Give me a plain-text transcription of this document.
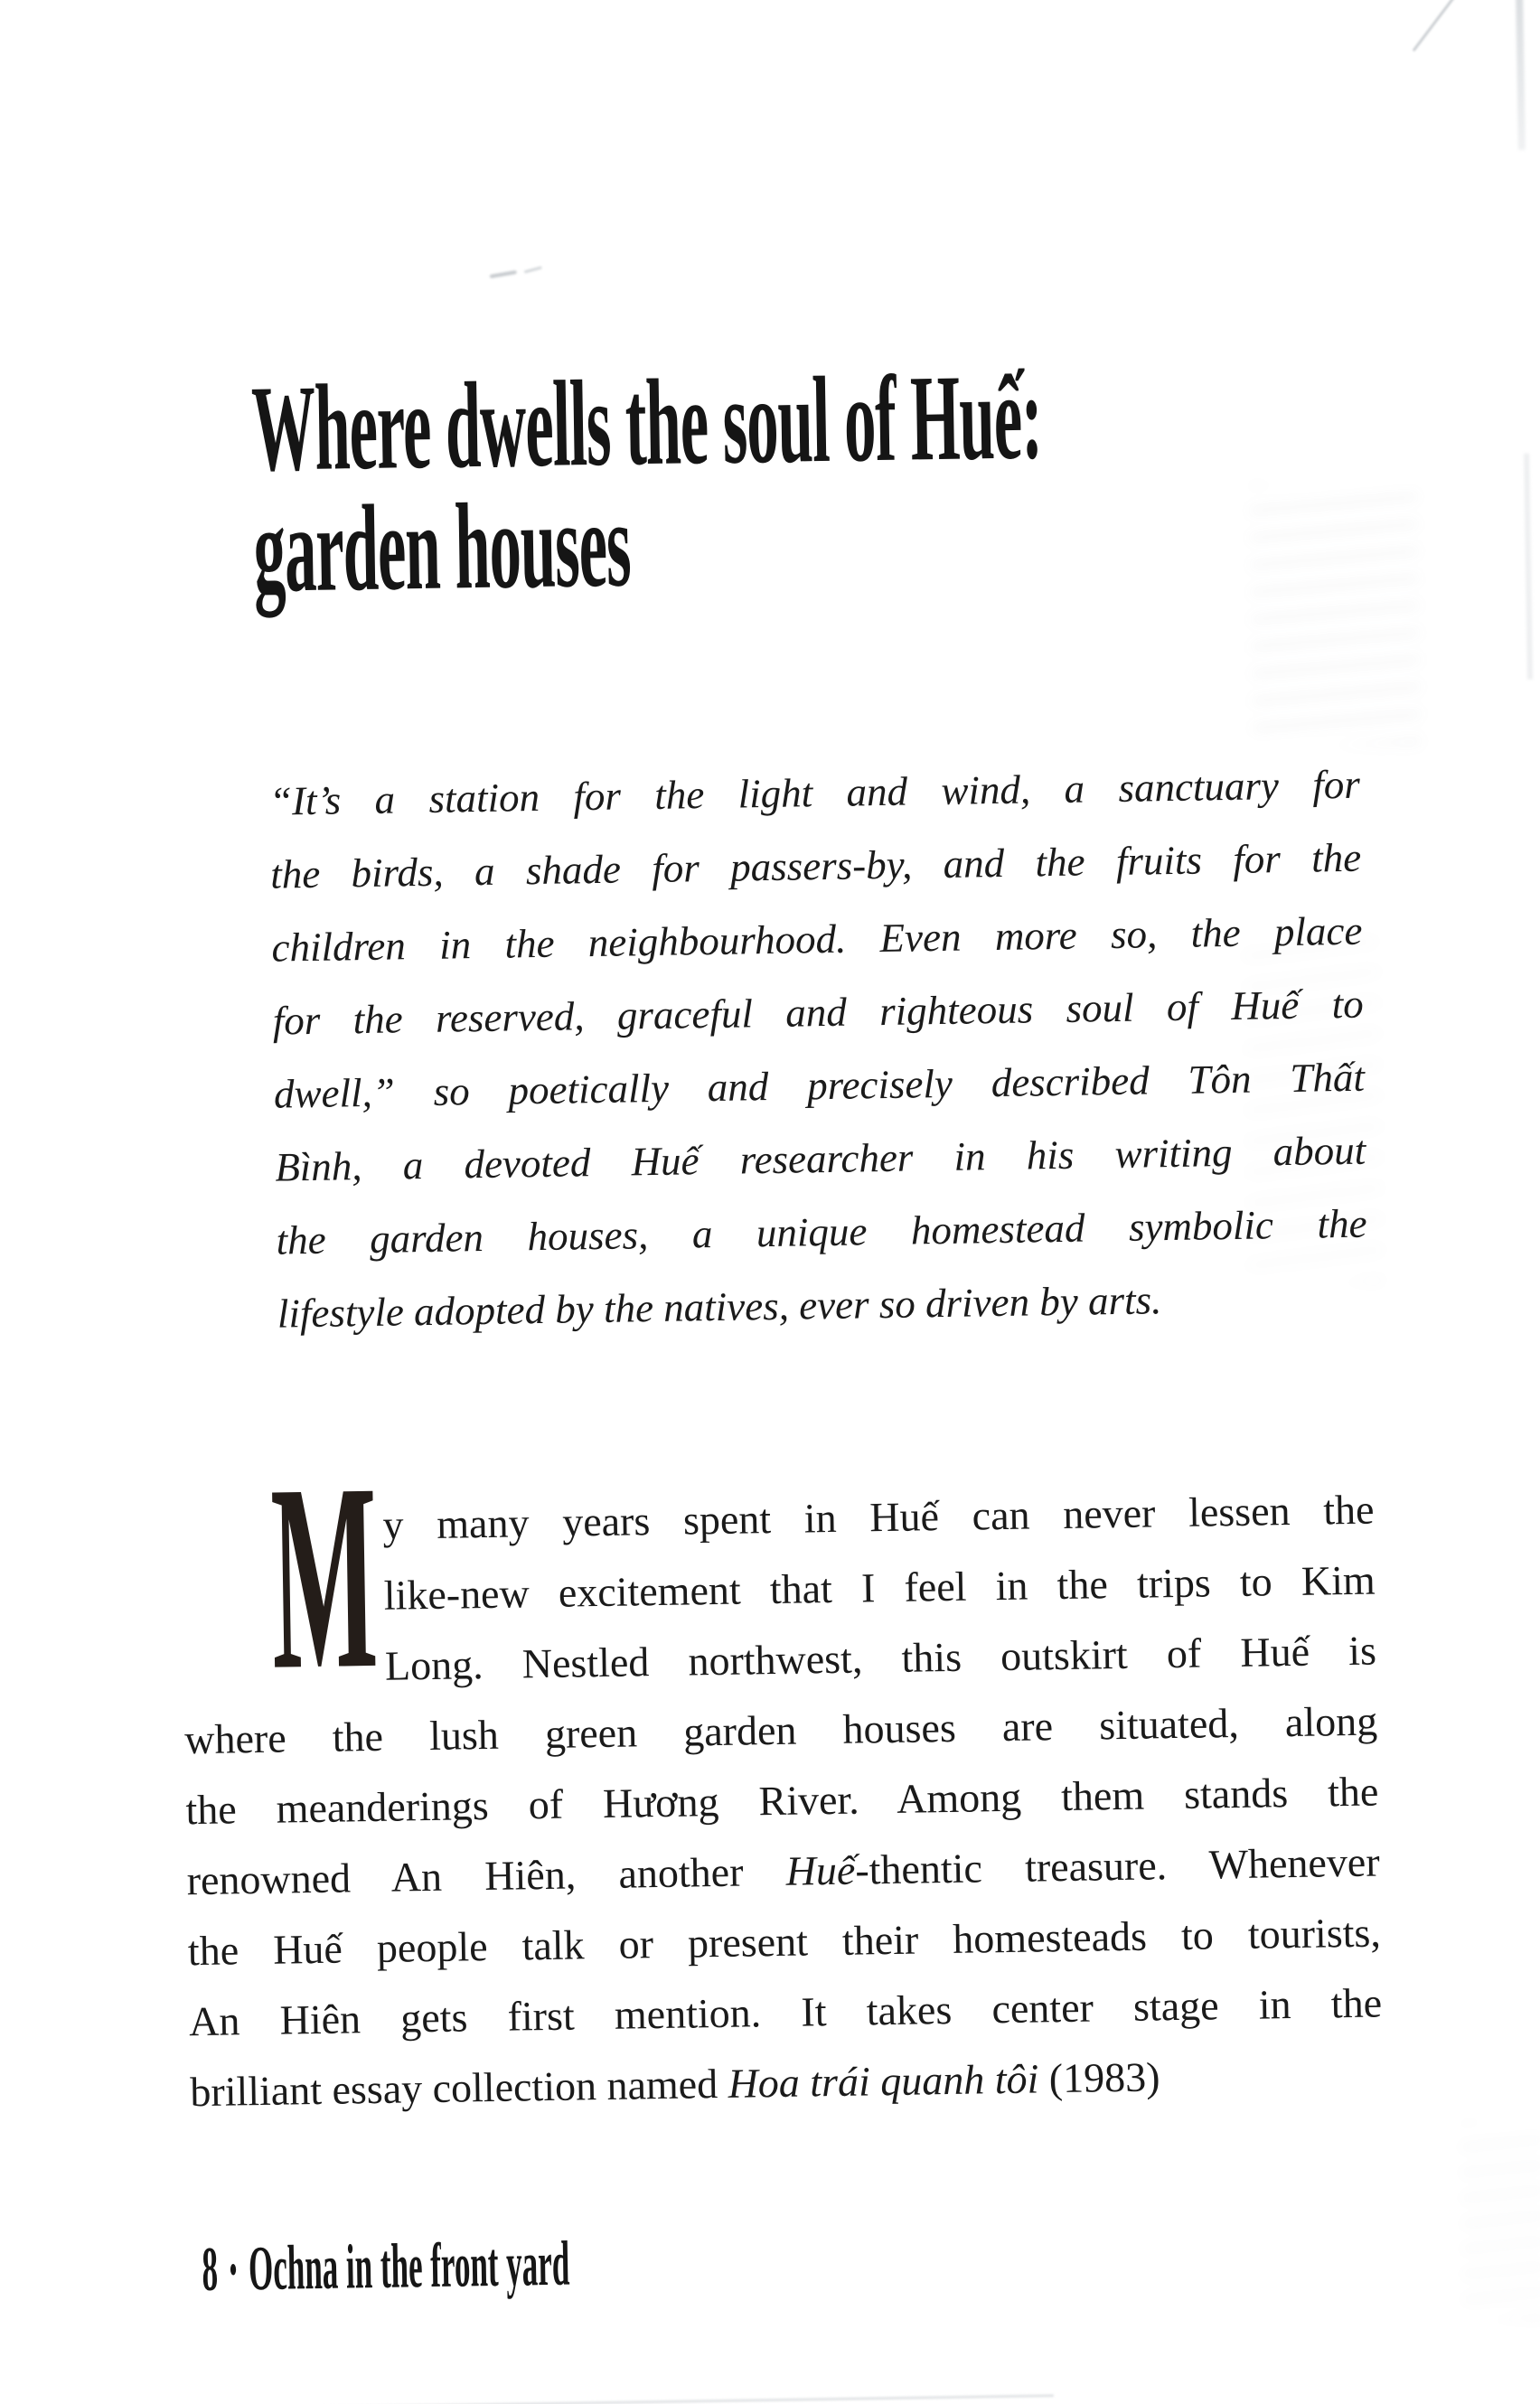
Where dwells the soul of Huế:
garden houses
“It’s a station for the light and wind, a sanctuary for
the birds, a shade for passers-by, and the fruits for the
children in the neighbourhood. Even more so, the place
for the reserved, graceful and righteous soul of Huế to
dwell,” so poetically and precisely described Tôn Thất
Bình, a devoted Huế researcher in his writing about
the garden houses, a unique homestead symbolic the
lifestyle adopted by the natives, ever so driven by arts.
M y many years spent in Huế can never lessen the
like-new excitement that I feel in the trips to Kim
Long. Nestled northwest, this outskirt of Huế is
where the lush green garden houses are situated, along
the meanderings of Hương River. Among them stands the
renowned An Hiên, another Huế-thentic treasure. Whenever
the Huế people talk or present their homesteads to tourists,
An Hiên gets first mention. It takes center stage in the
brilliant essay collection named Hoa trái quanh tôi (1983)
8 • Ochna in the front yard
